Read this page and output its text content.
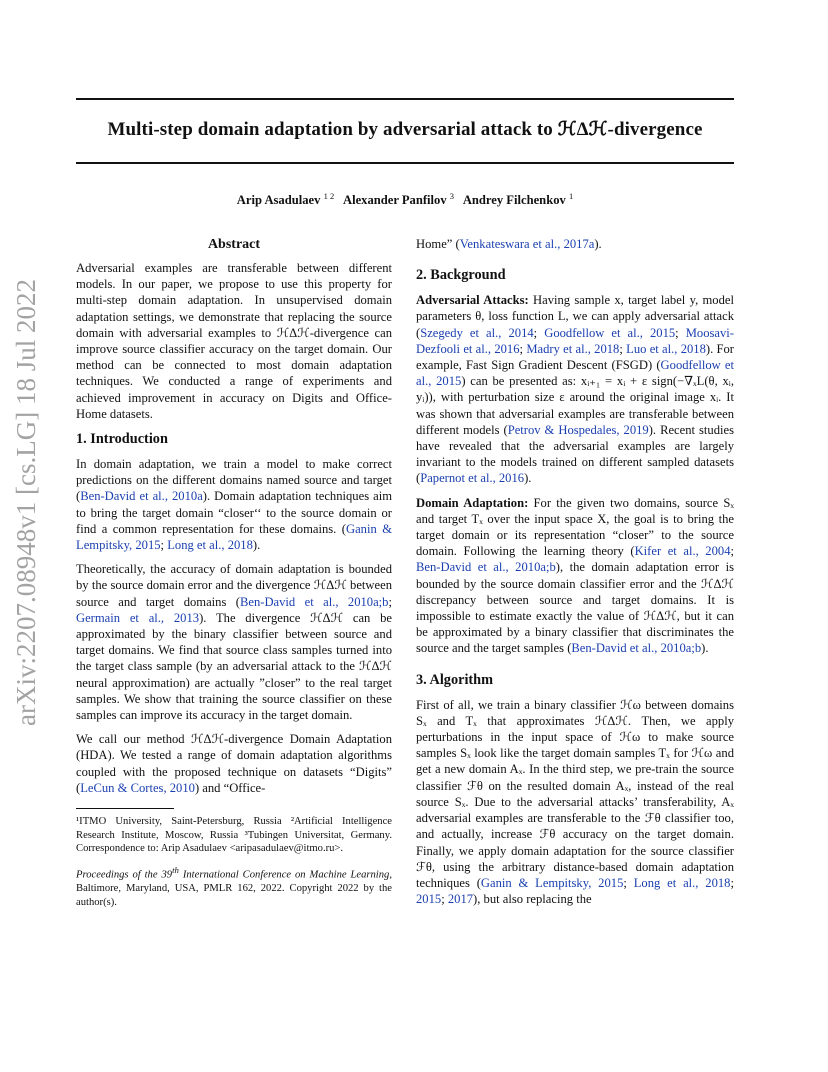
Multi-step domain adaptation by adversarial attack to ℋΔℋ-divergence
Arip Asadulaev $^{1 2}$ Alexander Panfilov $^3$ Andrey Filchenkov $^1$
arXiv:2207.08948v1 [cs.LG] 18 Jul 2022
Abstract

Adversarial examples are transferable between different models. In our paper, we propose to use this property for multi-step domain adaptation. In unsupervised domain adaptation settings, we demonstrate that replacing the source domain with adversarial examples to ℋΔℋ-divergence can improve source classifier accuracy on the target domain. Our method can be connected to most domain adaptation techniques. We conducted a range of experiments and achieved improvement in accuracy on Digits and Office-Home datasets.

1. Introduction

In domain adaptation, we train a model to make correct predictions on the different domains named source and target (Ben-David et al., 2010a). Domain adaptation techniques aim to bring the target domain “closer‘‘ to the source domain or find a common representation for these domains. (Ganin & Lempitsky, 2015; Long et al., 2018).

Theoretically, the accuracy of domain adaptation is bounded by the source domain error and the divergence ℋΔℋ between source and target domains (Ben-David et al., 2010a;b; Germain et al., 2013). The divergence ℋΔℋ can be approximated by the binary classifier between source and target domains. We find that source class samples turned into the target class sample (by an adversarial attack to the ℋΔℋ neural approximation) are actually ”closer” to the real target samples. We show that training the source classifier on these samples can improve its accuracy in the target domain.

We call our method ℋΔℋ-divergence Domain Adaptation (HDA). We tested a range of domain adaptation algorithms coupled with the proposed technique on datasets “Digits” (LeCun & Cortes, 2010) and “Office-

¹ITMO University, Saint-Petersburg, Russia ²Artificial Intelligence Research Institute, Moscow, Russia ³Tubingen Universitat, Germany. Correspondence to: Arip Asadulaev <aripasadulaev@itmo.ru>.

Proceedings of the 39th International Conference on Machine Learning, Baltimore, Maryland, USA, PMLR 162, 2022. Copyright 2022 by the author(s).

Home” (Venkateswara et al., 2017a).

2. Background

Adversarial Attacks: Having sample x, target label y, model parameters θ, loss function L, we can apply adversarial attack (Szegedy et al., 2014; Goodfellow et al., 2015; Moosavi-Dezfooli et al., 2016; Madry et al., 2018; Luo et al., 2018). For example, Fast Sign Gradient Descent (FSGD) (Goodfellow et al., 2015) can be presented as: xᵢ₊₁ = xᵢ + ε sign(−∇ₓL(θ, xᵢ, yᵢ)), with perturbation size ε around the original image xᵢ. It was shown that adversarial examples are transferable between different models (Petrov & Hospedales, 2019). Recent studies have revealed that the adversarial examples are largely invariant to the models trained on different sampled datasets (Papernot et al., 2016).

Domain Adaptation: For the given two domains, source Sₓ and target Tₓ over the input space X, the goal is to bring the target domain or its representation “closer” to the source domain. Following the learning theory (Kifer et al., 2004; Ben-David et al., 2010a;b), the domain adaptation error is bounded by the source domain classifier error and the ℋΔℋ discrepancy between source and target domains. It is impossible to estimate exactly the value of ℋΔℋ, but it can be approximated by a binary classifier that discriminates the source and the target samples (Ben-David et al., 2010a;b).

3. Algorithm

First of all, we train a binary classifier ℋω between domains Sₓ and Tₓ that approximates ℋΔℋ. Then, we apply perturbations in the input space of ℋω to make source samples Sₓ look like the target domain samples Tₓ for ℋω and get a new domain Aₓ. In the third step, we pre-train the source classifier ℱθ on the resulted domain Aₓ, instead of the real source Sₓ. Due to the adversarial attacks’ transferability, Aₓ adversarial examples are transferable to the ℱθ classifier too, and actually, increase ℱθ accuracy on the target domain. Finally, we apply domain adaptation for the source classifier ℱθ, using the arbitrary distance-based domain adaptation techniques (Ganin & Lempitsky, 2015; Long et al., 2018; 2015; 2017), but also replacing the
